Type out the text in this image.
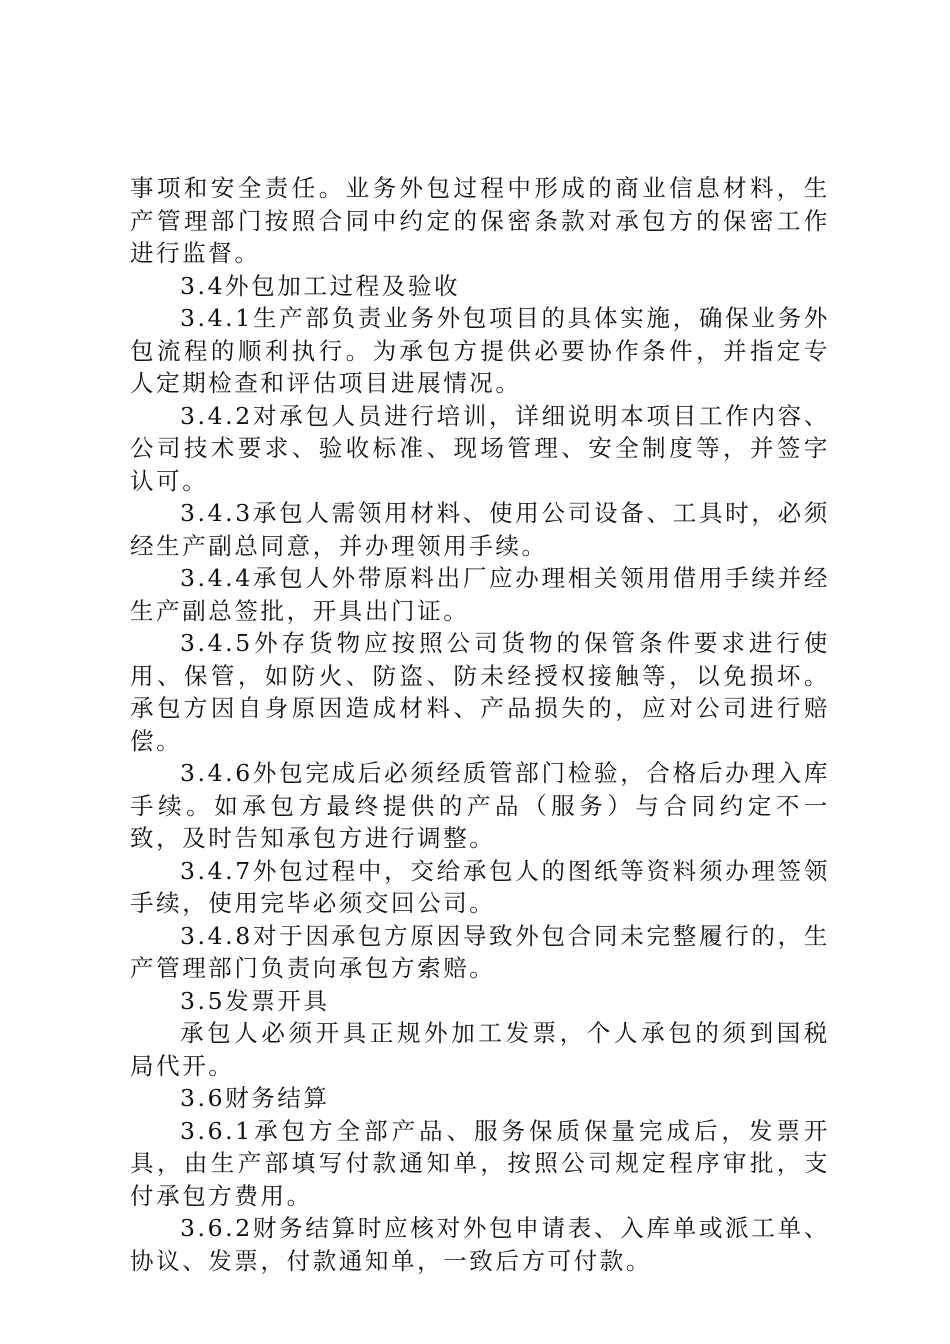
事项和安全责任。业务外包过程中形成的商业信息材料，生产管理部门按照合同中约定的保密条款对承包方的保密工作进行监督。

3.4外包加工过程及验收

3.4.1生产部负责业务外包项目的具体实施，确保业务外包流程的顺利执行。为承包方提供必要协作条件，并指定专人定期检查和评估项目进展情况。

3.4.2对承包人员进行培训，详细说明本项目工作内容、公司技术要求、验收标准、现场管理、安全制度等，并签字认可。

3.4.3承包人需领用材料、使用公司设备、工具时，必须经生产副总同意，并办理领用手续。

3.4.4承包人外带原料出厂应办理相关领用借用手续并经生产副总签批，开具出门证。

3.4.5外存货物应按照公司货物的保管条件要求进行使用、保管，如防火、防盗、防未经授权接触等，以免损坏。承包方因自身原因造成材料、产品损失的，应对公司进行赔偿。

3.4.6外包完成后必须经质管部门检验，合格后办理入库手续。如承包方最终提供的产品（服务）与合同约定不一致，及时告知承包方进行调整。

3.4.7外包过程中，交给承包人的图纸等资料须办理签领手续，使用完毕必须交回公司。

3.4.8对于因承包方原因导致外包合同未完整履行的，生产管理部门负责向承包方索赔。

3.5发票开具

承包人必须开具正规外加工发票，个人承包的须到国税局代开。

3.6财务结算

3.6.1承包方全部产品、服务保质保量完成后，发票开具，由生产部填写付款通知单，按照公司规定程序审批，支付承包方费用。

3.6.2财务结算时应核对外包申请表、入库单或派工单、协议、发票，付款通知单，一致后方可付款。
